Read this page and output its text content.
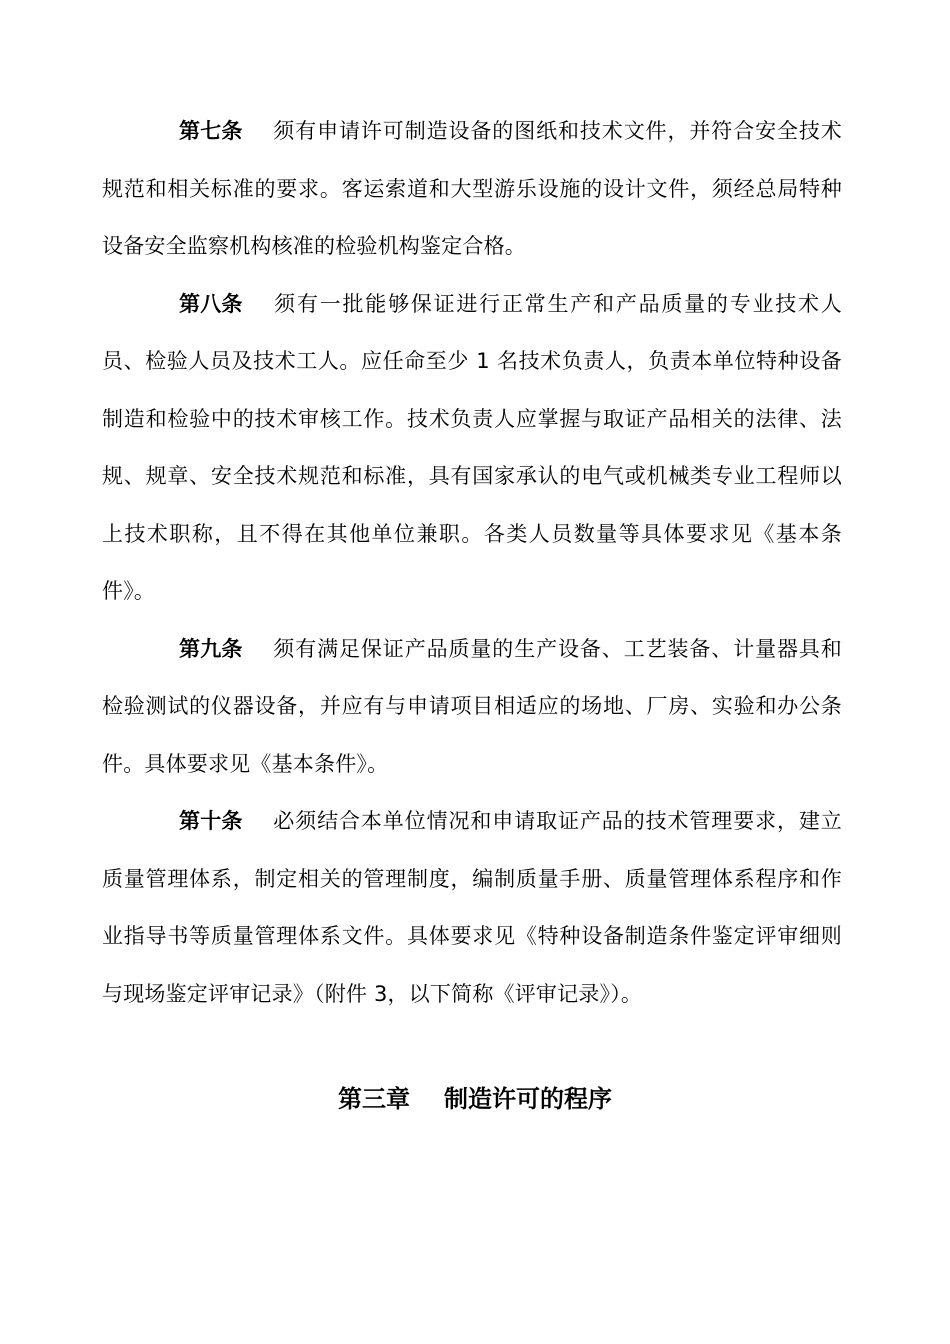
第七条 须有申请许可制造设备的图纸和技术文件，并符合安全技术规范和相关标准的要求。客运索道和大型游乐设施的设计文件，须经总局特种设备安全监察机构核准的检验机构鉴定合格。

第八条 须有一批能够保证进行正常生产和产品质量的专业技术人员、检验人员及技术工人。应任命至少 1 名技术负责人，负责本单位特种设备制造和检验中的技术审核工作。技术负责人应掌握与取证产品相关的法律、法规、规章、安全技术规范和标准，具有国家承认的电气或机械类专业工程师以上技术职称，且不得在其他单位兼职。各类人员数量等具体要求见《基本条件》。

第九条 须有满足保证产品质量的生产设备、工艺装备、计量器具和检验测试的仪器设备，并应有与申请项目相适应的场地、厂房、实验和办公条件。具体要求见《基本条件》。

第十条 必须结合本单位情况和申请取证产品的技术管理要求，建立质量管理体系，制定相关的管理制度，编制质量手册、质量管理体系程序和作业指导书等质量管理体系文件。具体要求见《特种设备制造条件鉴定评审细则与现场鉴定评审记录》（附件 3，以下简称《评审记录》）。

第三章 制造许可的程序
